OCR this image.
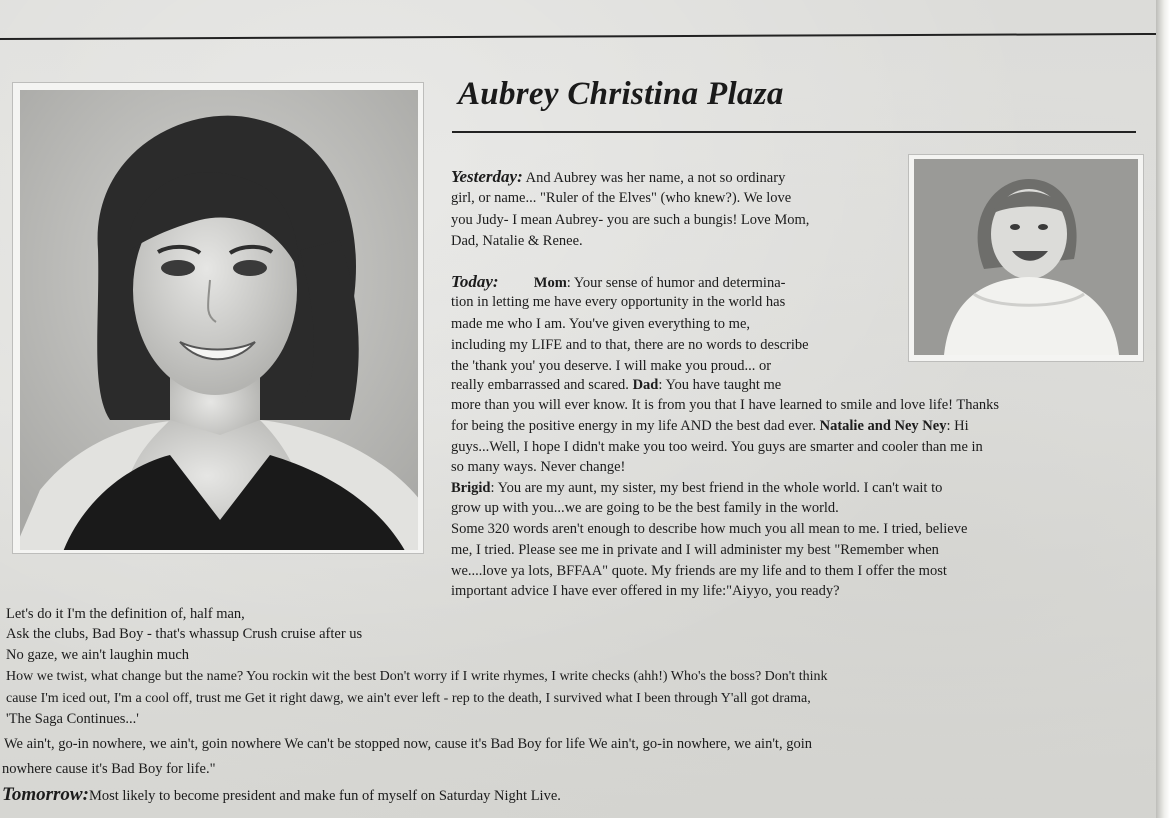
Aubrey Christina Plaza
Yesterday: And Aubrey was her name, a not so ordinary
girl, or name... "Ruler of the Elves" (who knew?). We love
you Judy- I mean Aubrey- you are such a bungis! Love Mom,
Dad, Natalie & Renee.
Today: Mom: Your sense of humor and determina-
tion in letting me have every opportunity in the world has
made me who I am. You've given everything to me,
including my LIFE and to that, there are no words to describe
the 'thank you' you deserve. I will make you proud... or
really embarrassed and scared. Dad: You have taught me
more than you will ever know. It is from you that I have learned to smile and love life! Thanks
for being the positive energy in my life AND the best dad ever. Natalie and Ney Ney: Hi
guys...Well, I hope I didn't make you too weird. You guys are smarter and cooler than me in
so many ways. Never change!
Brigid: You are my aunt, my sister, my best friend in the whole world. I can't wait to
grow up with you...we are going to be the best family in the world.
Some 320 words aren't enough to describe how much you all mean to me. I tried, believe
me, I tried. Please see me in private and I will administer my best "Remember when
we....love ya lots, BFFAA" quote. My friends are my life and to them I offer the most
important advice I have ever offered in my life:"Aiyyo, you ready?
Let's do it I'm the definition of, half man,
Ask the clubs, Bad Boy - that's whassup Crush cruise after us
No gaze, we ain't laughin much
How we twist, what change but the name? You rockin wit the best Don't worry if I write rhymes, I write checks (ahh!) Who's the boss? Don't think
cause I'm iced out, I'm a cool off, trust me Get it right dawg, we ain't ever left - rep to the death, I survived what I been through Y'all got drama,
'The Saga Continues...'
We ain't, go-in nowhere, we ain't, goin nowhere We can't be stopped now, cause it's Bad Boy for life We ain't, go-in nowhere, we ain't, goin
nowhere cause it's Bad Boy for life."
Tomorrow:Most likely to become president and make fun of myself on Saturday Night Live.
